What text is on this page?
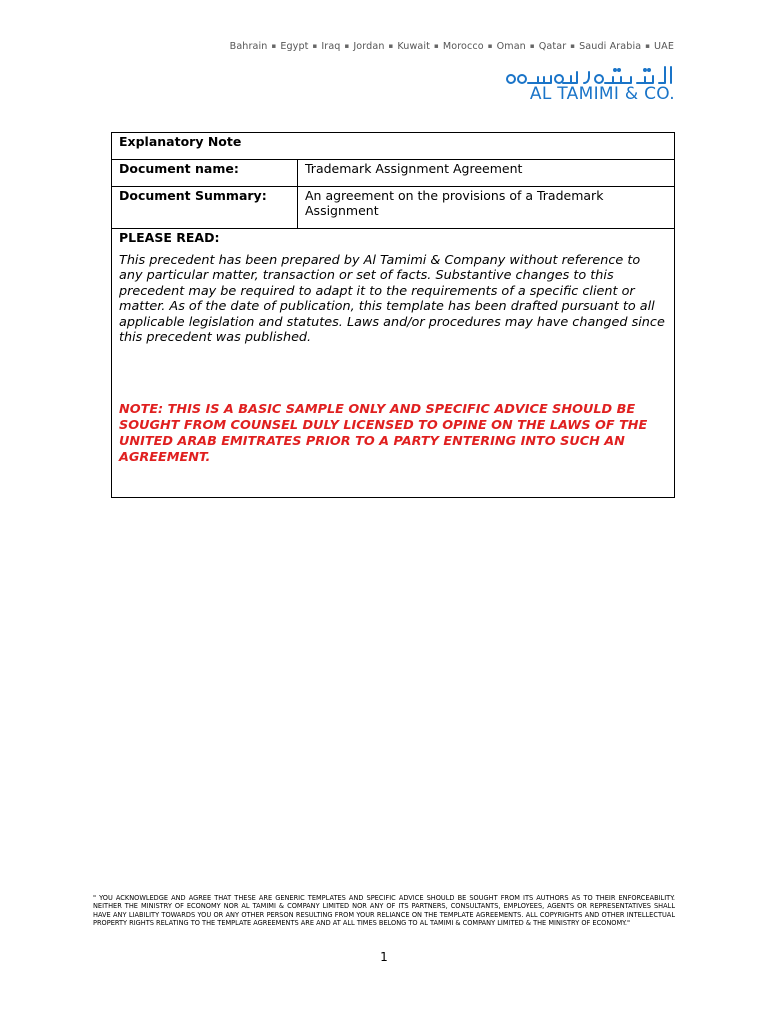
Bahrain ▪ Egypt ▪ Iraq ▪ Jordan ▪ Kuwait ▪ Morocco ▪ Oman ▪ Qatar ▪ Saudi Arabia ▪ UAE
AL TAMIMI & CO.
Explanatory Note	

Document name:	Trademark Assignment Agreement

Document Summary:	An agreement on the provisions of a Trademark Assignment

PLEASE READ:
This precedent has been prepared by Al Tamimi & Company without reference to any particular matter, transaction or set of facts. Substantive changes to this precedent may be required to adapt it to the requirements of a specific client or matter. As of the date of publication, this template has been drafted pursuant to all applicable legislation and statutes. Laws and/or procedures may have changed since this precedent was published.
NOTE: THIS IS A BASIC SAMPLE ONLY AND SPECIFIC ADVICE SHOULD BE SOUGHT FROM COUNSEL DULY LICENSED TO OPINE ON THE LAWS OF THE UNITED ARAB EMITRATES PRIOR TO A PARTY ENTERING INTO SUCH AN AGREEMENT.	
" YOU ACKNOWLEDGE AND AGREE THAT THESE ARE GENERIC TEMPLATES AND SPECIFIC ADVICE SHOULD BE SOUGHT FROM ITS AUTHORS AS TO THEIR ENFORCEABILITY. NEITHER THE MINISTRY OF ECONOMY NOR AL TAMIMI & COMPANY LIMITED NOR ANY OF ITS PARTNERS, CONSULTANTS, EMPLOYEES, AGENTS OR REPRESENTATIVES SHALL HAVE ANY LIABILITY TOWARDS YOU OR ANY OTHER PERSON RESULTING FROM YOUR RELIANCE ON THE TEMPLATE AGREEMENTS. ALL COPYRIGHTS AND OTHER INTELLECTUAL PROPERTY RIGHTS RELATING TO THE TEMPLATE AGREEMENTS ARE AND AT ALL TIMES BELONG TO AL TAMIMI & COMPANY LIMITED & THE MINISTRY OF ECONOMY."
1
